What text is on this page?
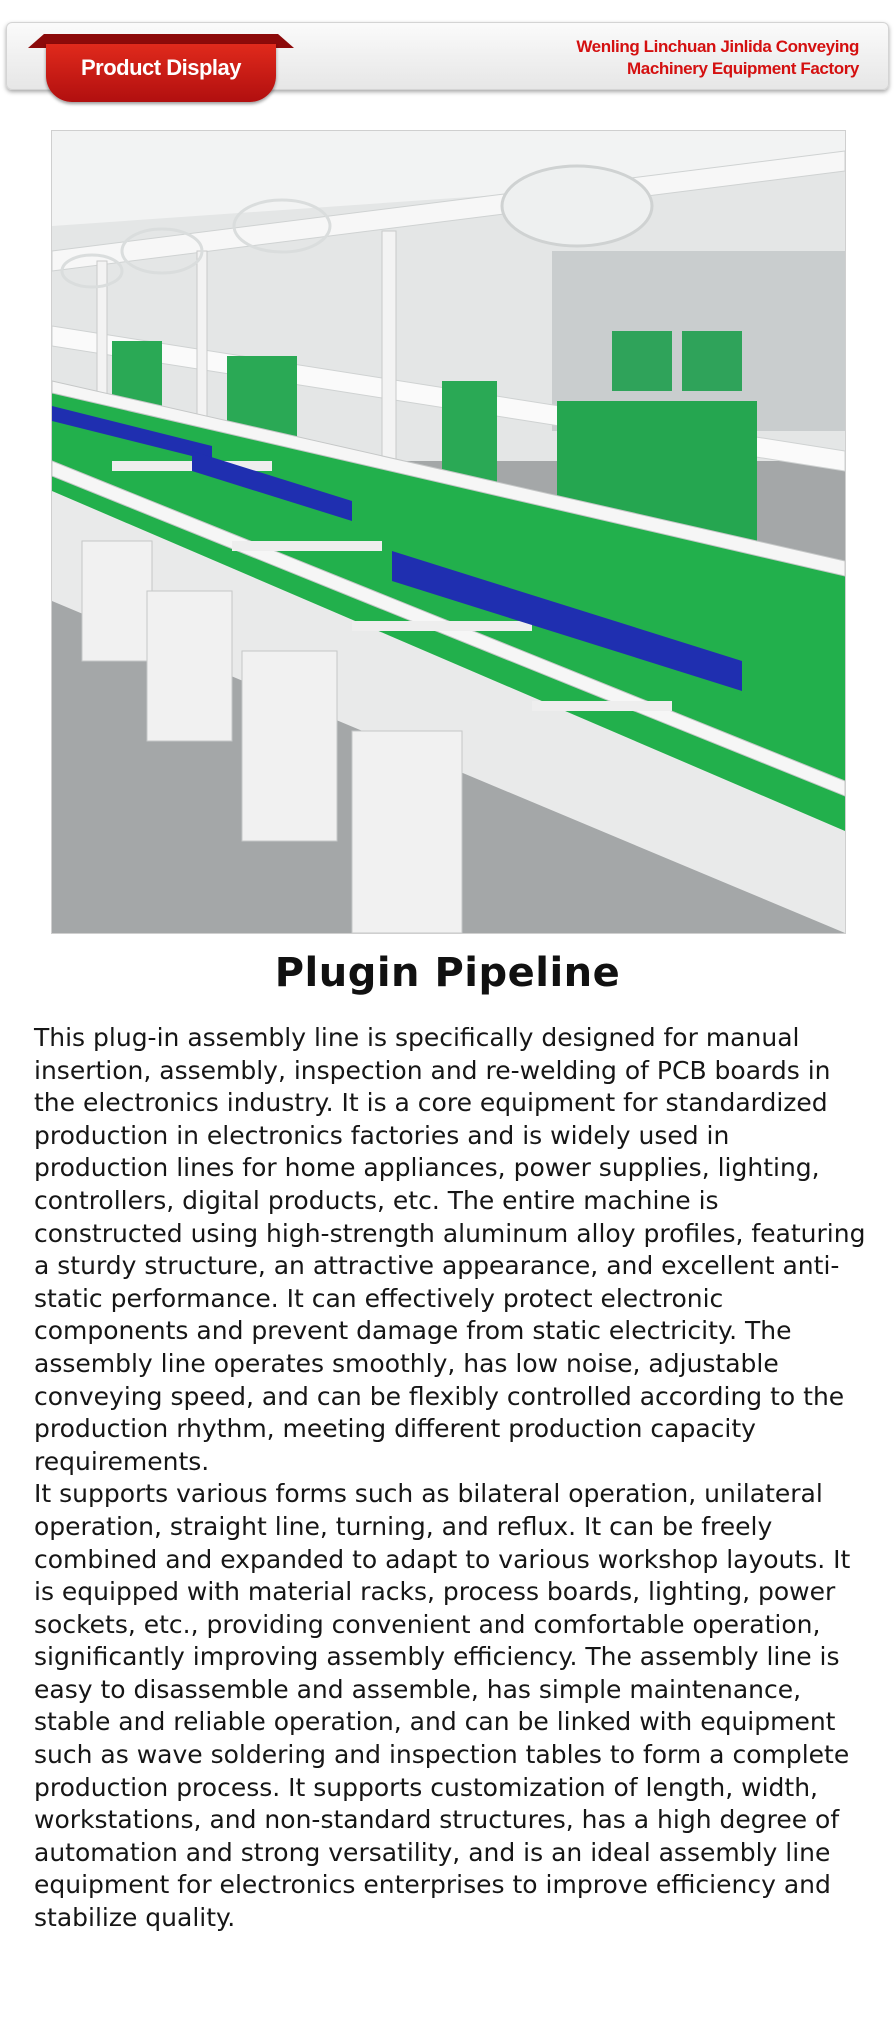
Product Display
Wenling Linchuan Jinlida Conveying
Machinery Equipment Factory
Plugin Pipeline

This plug-in assembly line is specifically designed for manual insertion, assembly, inspection and re-welding of PCB boards in the electronics industry. It is a core equipment for standardized production in electronics factories and is widely used in production lines for home appliances, power supplies, lighting, controllers, digital products, etc. The entire machine is constructed using high-strength aluminum alloy profiles, featuring a sturdy structure, an attractive appearance, and excellent anti-static performance. It can effectively protect electronic components and prevent damage from static electricity. The assembly line operates smoothly, has low noise, adjustable conveying speed, and can be flexibly controlled according to the production rhythm, meeting different production capacity requirements.

It supports various forms such as bilateral operation, unilateral operation, straight line, turning, and reflux. It can be freely combined and expanded to adapt to various workshop layouts. It is equipped with material racks, process boards, lighting, power sockets, etc., providing convenient and comfortable operation, significantly improving assembly efficiency. The assembly line is easy to disassemble and assemble, has simple maintenance, stable and reliable operation, and can be linked with equipment such as wave soldering and inspection tables to form a complete production process. It supports customization of length, width, workstations, and non-standard structures, has a high degree of automation and strong versatility, and is an ideal assembly line equipment for electronics enterprises to improve efficiency and stabilize quality.
